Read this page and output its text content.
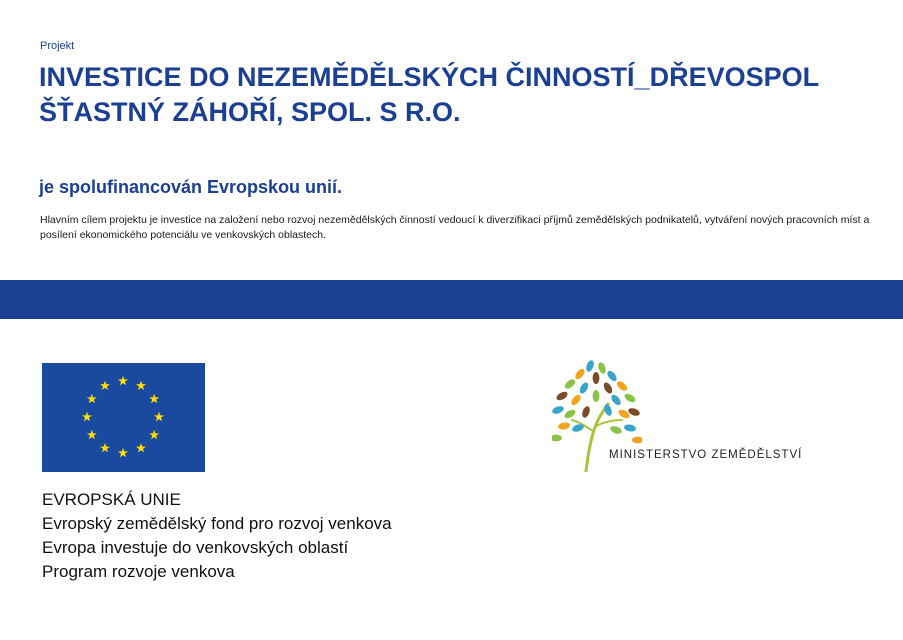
Projekt
INVESTICE DO NEZEMĚDĚLSKÝCH ČINNOSTÍ_DŘEVOSPOL ŠŤASTNÝ ZÁHOŘÍ, SPOL. S R.O.
je spolufinancován Evropskou unií.

Hlavním cílem projektu je investice na založení nebo rozvoj nezemědělských činností vedoucí k diverzifikaci příjmů zemědělských podnikatelů, vytváření nových pracovních míst a posílení ekonomického potenciálu ve venkovských oblastech.

EVROPSKÁ UNIE
Evropský zemědělský fond pro rozvoj venkova
Evropa investuje do venkovských oblastí
Program rozvoje venkova
MINISTERSTVO ZEMĚDĚLSTVÍ
